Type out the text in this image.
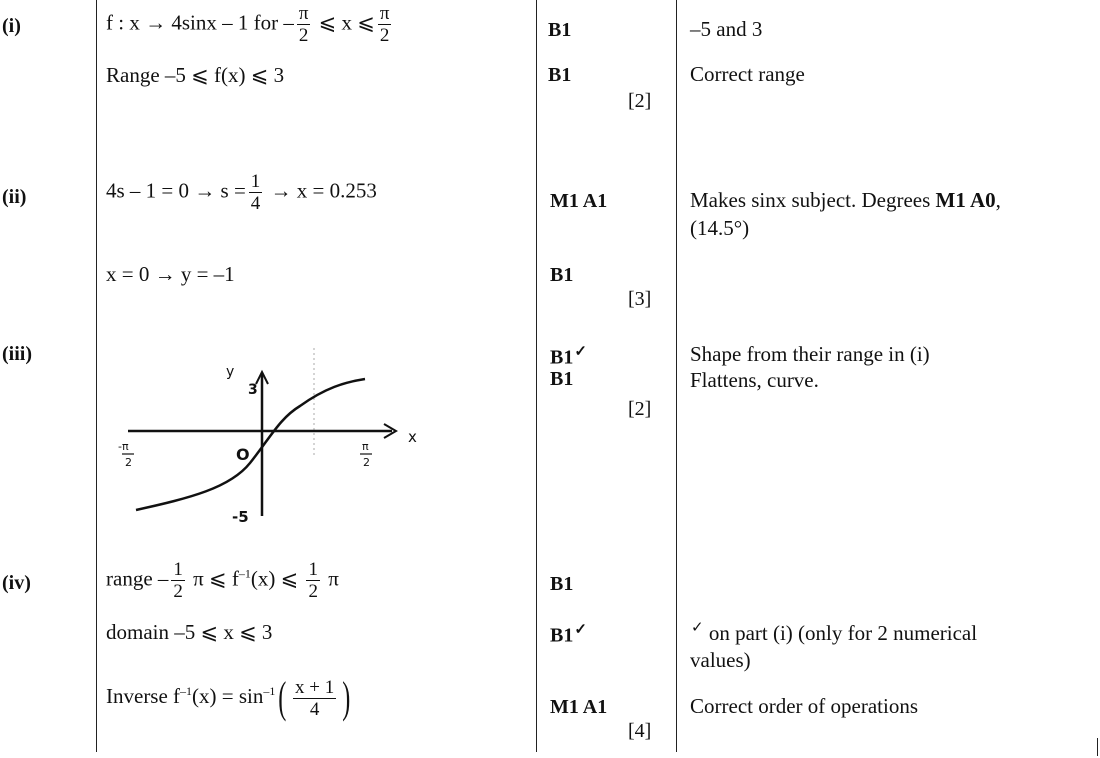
(i)
(ii)
(iii)
(iv)
f : x → 4sinx – 1 for – $\frac{\pi}{2}$ ⩽ x ⩽ $\frac{\pi}{2}$
Range –5 ⩽ f(x) ⩽ 3
B1
B1
[2]
–5 and 3
Correct range
$4s - 1 = 0 \to s = \frac{1}{4} \to x = 0.253$
x = 0 → y = –1
M1 A1
B1
[3]
Makes sinx subject. Degrees M1 A0,
(14.5°)
y
3
O
-5
x
-π
2
π
2
B1✓
B1
[2]
Shape from their range in (i)
Flattens, curve.
range – $\frac{1}{2}$ π ⩽ $f^{-1}(x)$ ⩽ $\frac{1}{2}$ π
domain –5 ⩽ x ⩽ 3
Inverse $f^{-1}(x) = \sin^{-1}( \frac{x + 1}{4}$ )
B1
B1✓
M1 A1
[4]
✓ on part (i) (only for 2 numerical
values)
Correct order of operations
